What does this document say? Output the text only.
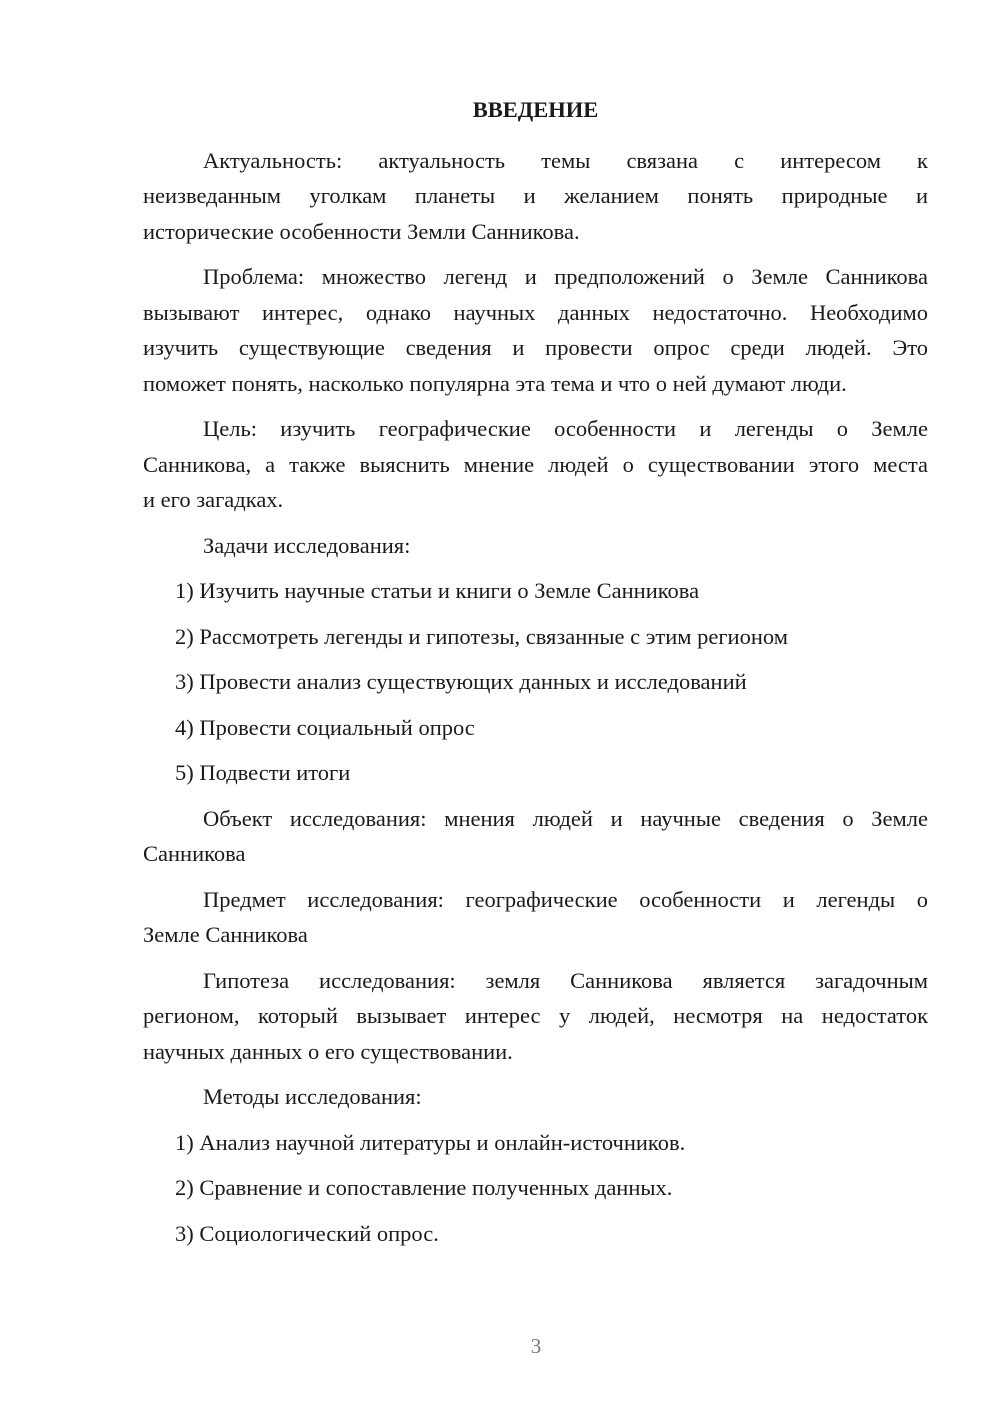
ВВЕДЕНИЕ
Актуальность: актуальность темы связана с интересом к
неизведанным уголкам планеты и желанием понять природные и
исторические особенности Земли Санникова.
Проблема: множество легенд и предположений о Земле Санникова
вызывают интерес, однако научных данных недостаточно. Необходимо
изучить существующие сведения и провести опрос среди людей. Это
поможет понять, насколько популярна эта тема и что о ней думают люди.
Цель: изучить географические особенности и легенды о Земле
Санникова, а также выяснить мнение людей о существовании этого места
и его загадках.
Задачи исследования:
1) Изучить научные статьи и книги о Земле Санникова
2) Рассмотреть легенды и гипотезы, связанные с этим регионом
3) Провести анализ существующих данных и исследований
4) Провести социальный опрос
5) Подвести итоги
Объект исследования: мнения людей и научные сведения о Земле
Санникова
Предмет исследования: географические особенности и легенды о
Земле Санникова
Гипотеза исследования: земля Санникова является загадочным
регионом, который вызывает интерес у людей, несмотря на недостаток
научных данных о его существовании.
Методы исследования:
1) Анализ научной литературы и онлайн-источников.
2) Сравнение и сопоставление полученных данных.
3) Социологический опрос.
3
